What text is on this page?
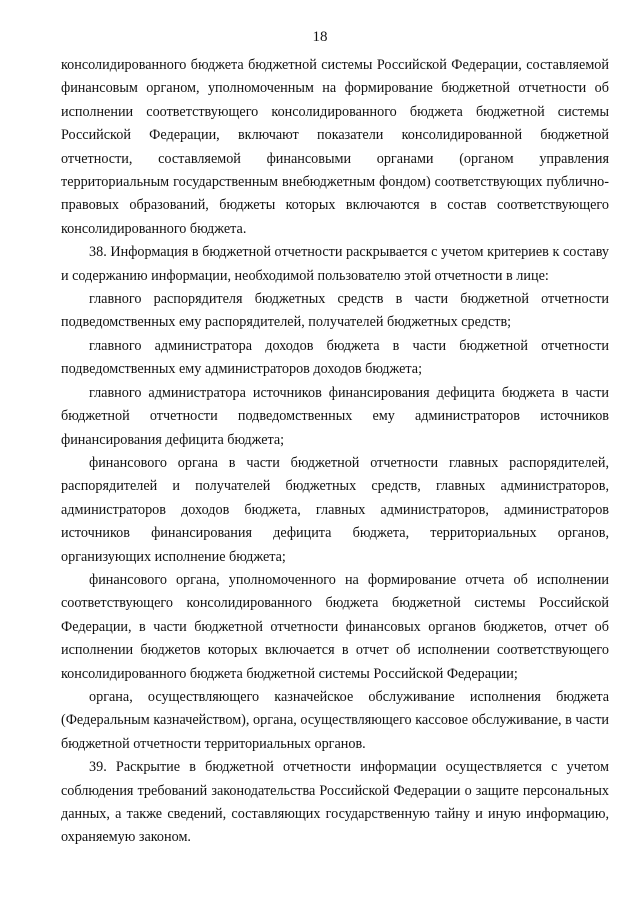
18

консолидированного бюджета бюджетной системы Российской Федерации, составляемой финансовым органом, уполномоченным на формирование бюджетной отчетности об исполнении соответствующего консолидированного бюджета бюджетной системы Российской Федерации, включают показатели консолидированной бюджетной отчетности, составляемой финансовыми органами (органом управления территориальным государственным внебюджетным фондом) соответствующих публично-правовых образований, бюджеты которых включаются в состав соответствующего консолидированного бюджета.

38. Информация в бюджетной отчетности раскрывается с учетом критериев к составу и содержанию информации, необходимой пользователю этой отчетности в лице:

главного распорядителя бюджетных средств в части бюджетной отчетности подведомственных ему распорядителей, получателей бюджетных средств;

главного администратора доходов бюджета в части бюджетной отчетности подведомственных ему администраторов доходов бюджета;

главного администратора источников финансирования дефицита бюджета в части бюджетной отчетности подведомственных ему администраторов источников финансирования дефицита бюджета;

финансового органа в части бюджетной отчетности главных распорядителей, распорядителей и получателей бюджетных средств, главных администраторов, администраторов доходов бюджета, главных администраторов, администраторов источников финансирования дефицита бюджета, территориальных органов, организующих исполнение бюджета;

финансового органа, уполномоченного на формирование отчета об исполнении соответствующего консолидированного бюджета бюджетной системы Российской Федерации, в части бюджетной отчетности финансовых органов бюджетов, отчет об исполнении бюджетов которых включается в отчет об исполнении соответствующего консолидированного бюджета бюджетной системы Российской Федерации;

органа, осуществляющего казначейское обслуживание исполнения бюджета (Федеральным казначейством), органа, осуществляющего кассовое обслуживание, в части бюджетной отчетности территориальных органов.

39. Раскрытие в бюджетной отчетности информации осуществляется с учетом соблюдения требований законодательства Российской Федерации о защите персональных данных, а также сведений, составляющих государственную тайну и иную информацию, охраняемую законом.
